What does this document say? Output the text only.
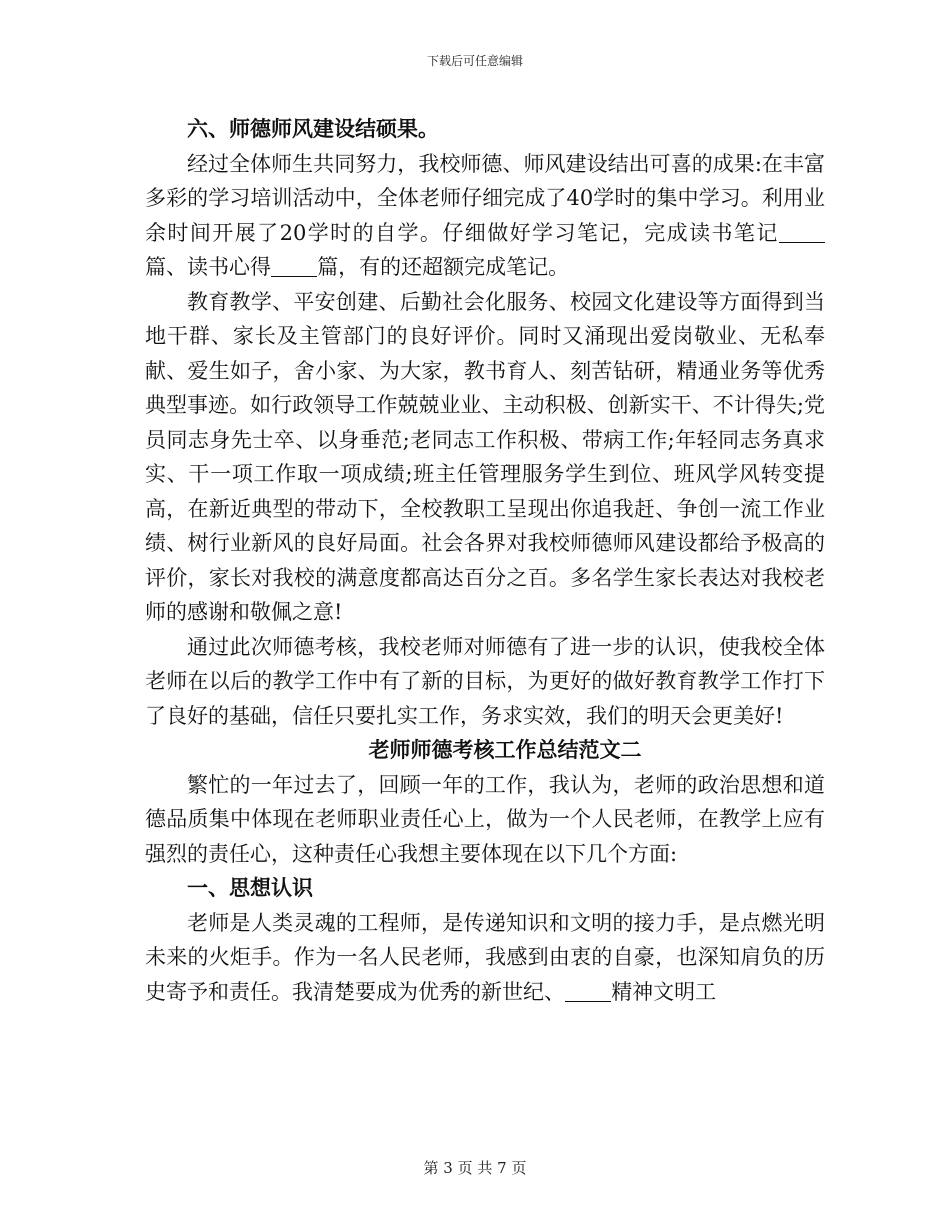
下载后可任意编辑

六、师德师风建设结硕果。

经过全体师生共同努力，我校师德、师风建设结出可喜的成果:在丰富多彩的学习培训活动中，全体老师仔细完成了40学时的集中学习。利用业余时间开展了20学时的自学。仔细做好学习笔记，完成读书笔记篇、读书心得 篇，有的还超额完成笔记。

教育教学、平安创建、后勤社会化服务、校园文化建设等方面得到当地干群、家长及主管部门的良好评价。同时又涌现出爱岗敬业、无私奉献、爱生如子，舍小家、为大家，教书育人、刻苦钻研，精通业务等优秀典型事迹。如行政领导工作兢兢业业、主动积极、创新实干、不计得失;党员同志身先士卒、以身垂范;老同志工作积极、带病工作;年轻同志务真求实、干一项工作取一项成绩;班主任管理服务学生到位、班风学风转变提高，在新近典型的带动下，全校教职工呈现出你追我赶、争创一流工作业绩、树行业新风的良好局面。社会各界对我校师德师风建设都给予极高的评价，家长对我校的满意度都高达百分之百。多名学生家长表达对我校老师的感谢和敬佩之意!

通过此次师德考核，我校老师对师德有了进一步的认识，使我校全体老师在以后的教学工作中有了新的目标，为更好的做好教育教学工作打下了良好的基础，信任只要扎实工作，务求实效，我们的明天会更美好!

老师师德考核工作总结范文二

繁忙的一年过去了，回顾一年的工作，我认为，老师的政治思想和道德品质集中体现在老师职业责任心上，做为一个人民老师，在教学上应有强烈的责任心，这种责任心我想主要体现在以下几个方面:

一、思想认识

老师是人类灵魂的工程师，是传递知识和文明的接力手，是点燃光明未来的火炬手。作为一名人民老师，我感到由衷的自豪，也深知肩负的历史寄予和责任。我清楚要成为优秀的新世纪、 精神文明工

第 3 页 共 7 页
